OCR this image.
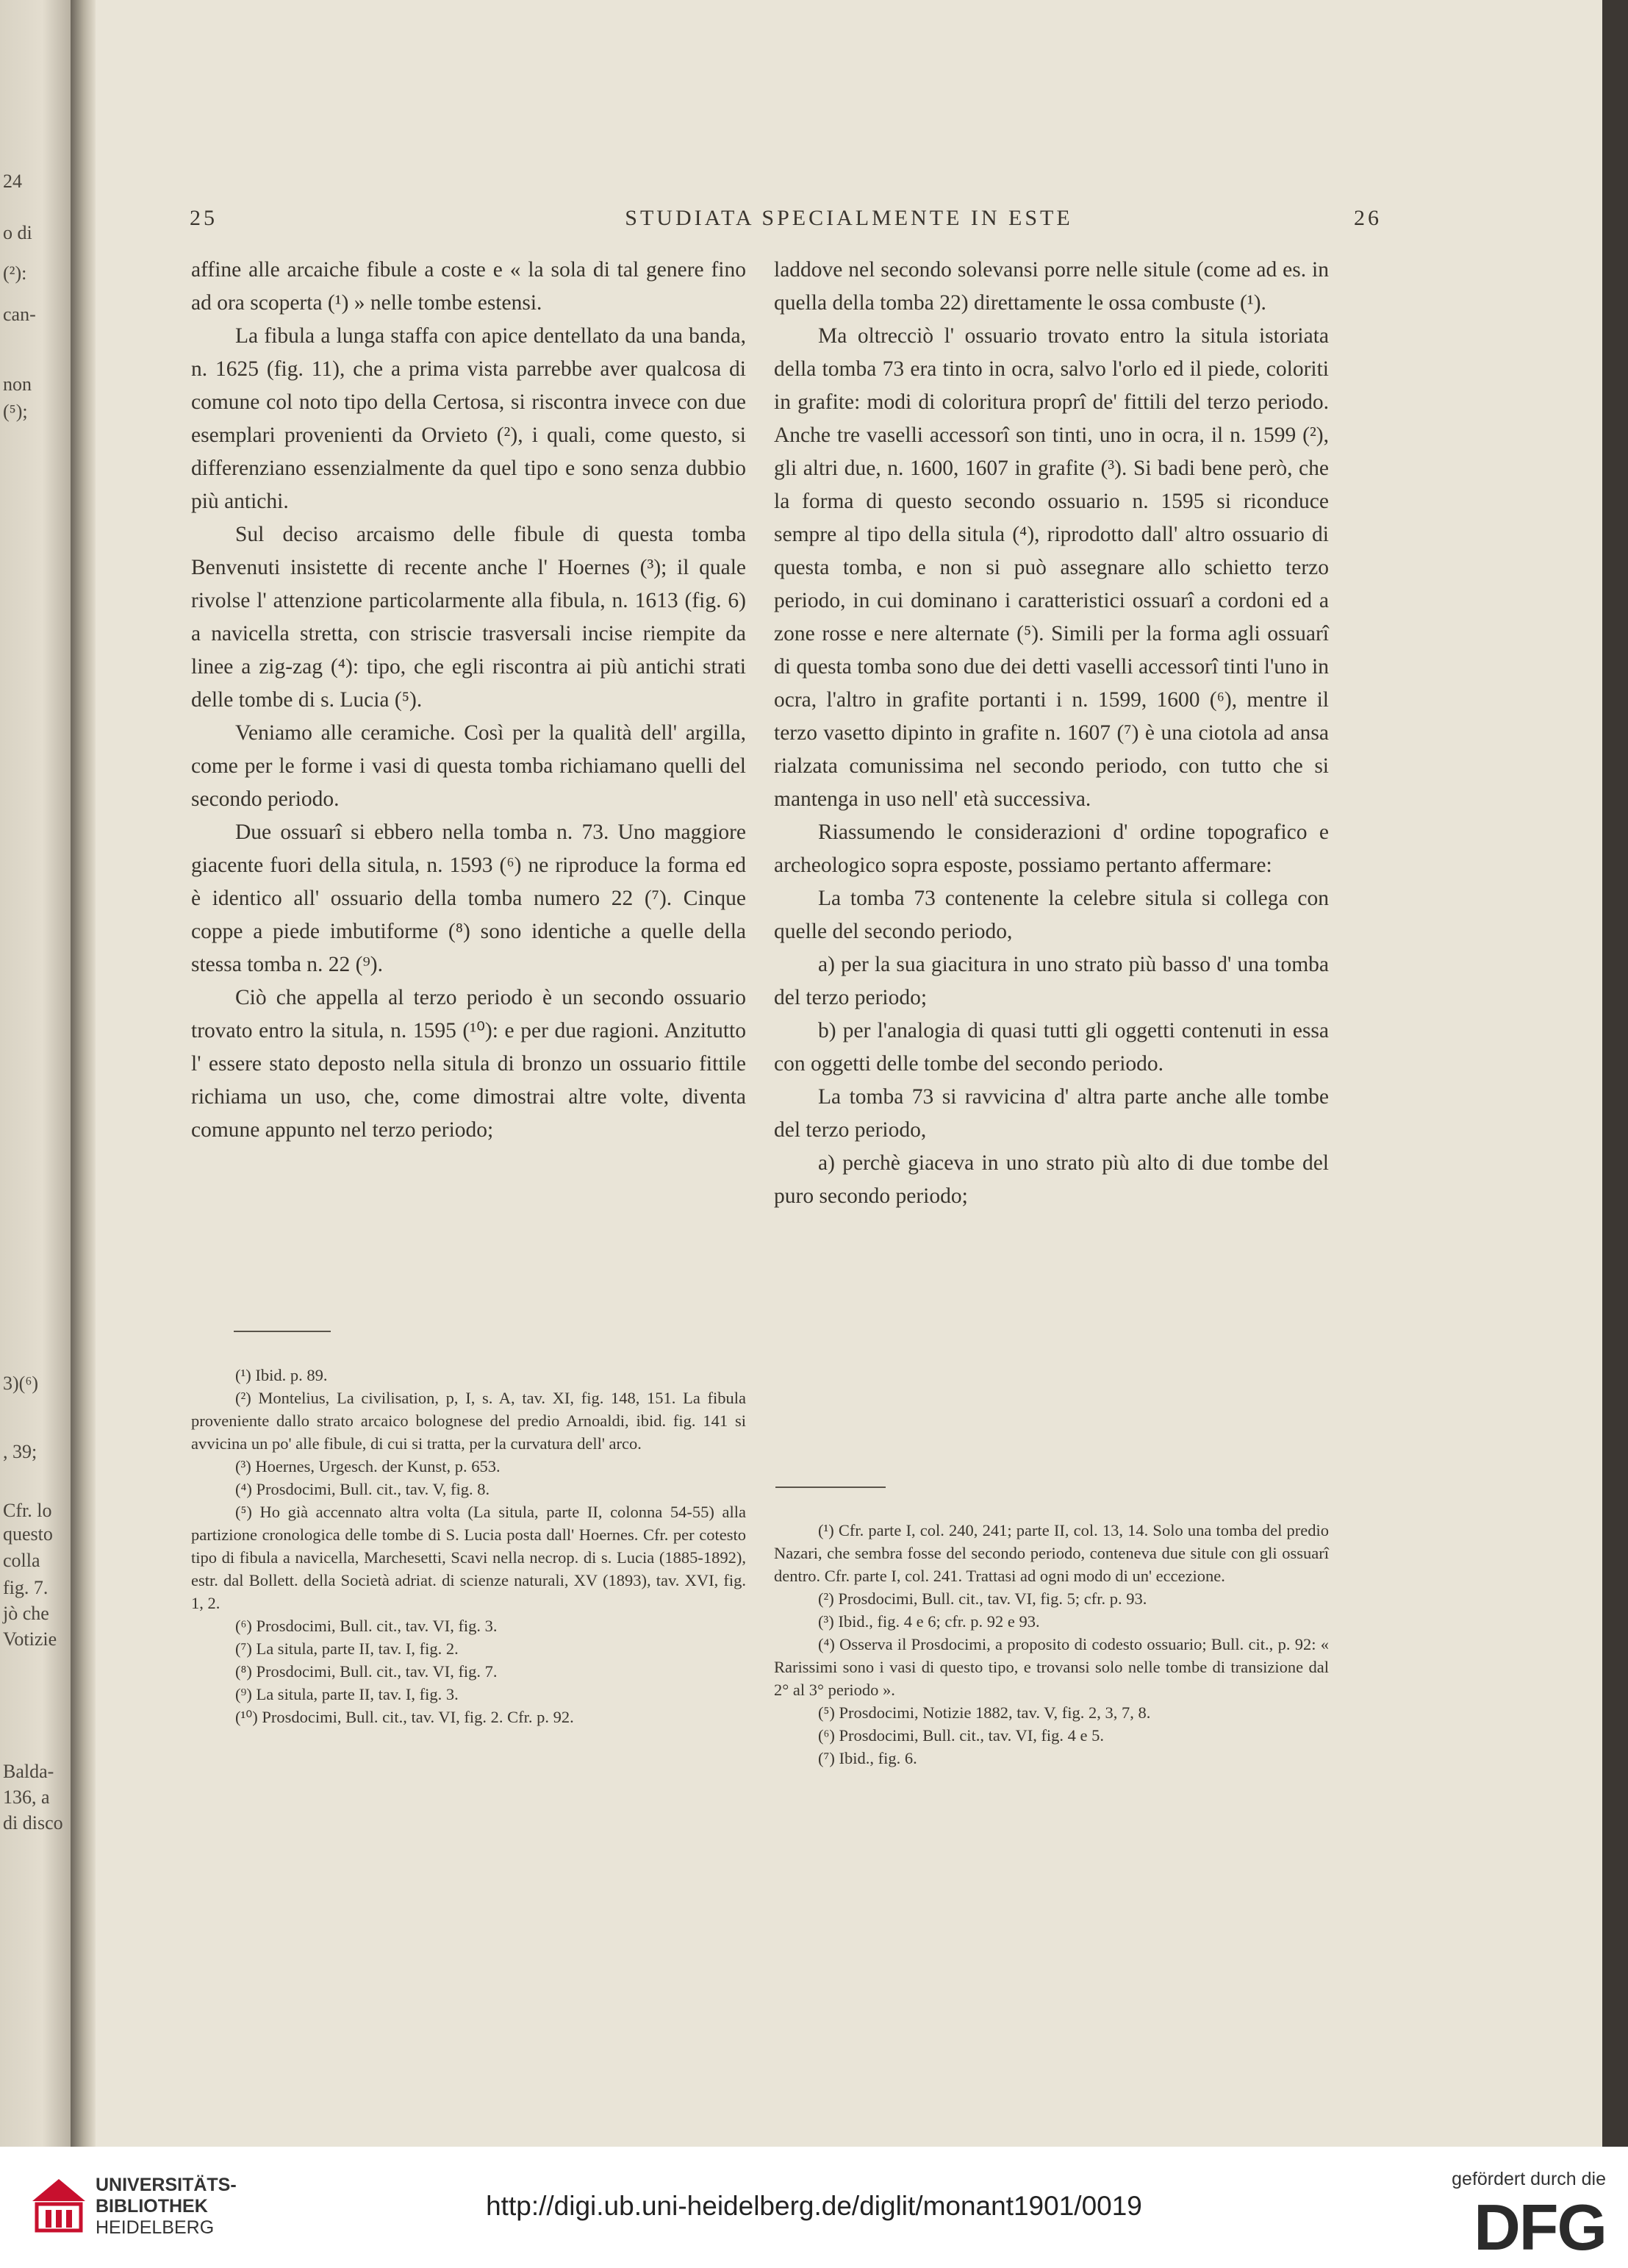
24
o di
(²):
can-
non
(⁵);
3)(⁶)
, 39;
Cfr. lo
questo
colla
fig. 7.
jò che
Votizie
Balda-
136, a
di disco
25	STUDIATA SPECIALMENTE IN ESTE	26

affine alle arcaiche fibule a coste e « la sola di tal genere fino ad ora scoperta (¹) » nelle tombe estensi.

La fibula a lunga staffa con apice dentellato da una banda, n. 1625 (fig. 11), che a prima vista parrebbe aver qualcosa di comune col noto tipo della Certosa, si riscontra invece con due esemplari provenienti da Orvieto (²), i quali, come questo, si differenziano essenzialmente da quel tipo e sono senza dubbio più antichi.

Sul deciso arcaismo delle fibule di questa tomba Benvenuti insistette di recente anche l' Hoernes (³); il quale rivolse l' attenzione particolarmente alla fibula, n. 1613 (fig. 6) a navicella stretta, con striscie trasversali incise riempite da linee a zig-zag (⁴): tipo, che egli riscontra ai più antichi strati delle tombe di s. Lucia (⁵).

Veniamo alle ceramiche. Così per la qualità dell' argilla, come per le forme i vasi di questa tomba richiamano quelli del secondo periodo.

Due ossuarî si ebbero nella tomba n. 73. Uno maggiore giacente fuori della situla, n. 1593 (⁶) ne riproduce la forma ed è identico all' ossuario della tomba numero 22 (⁷). Cinque coppe a piede imbutiforme (⁸) sono identiche a quelle della stessa tomba n. 22 (⁹).

Ciò che appella al terzo periodo è un secondo ossuario trovato entro la situla, n. 1595 (¹⁰): e per due ragioni. Anzitutto l' essere stato deposto nella situla di bronzo un ossuario fittile richiama un uso, che, come dimostrai altre volte, diventa comune appunto nel terzo periodo;

(¹) Ibid. p. 89.

(²) Montelius, La civilisation, p, I, s. A, tav. XI, fig. 148, 151. La fibula proveniente dallo strato arcaico bolognese del predio Arnoaldi, ibid. fig. 141 si avvicina un po' alle fibule, di cui si tratta, per la curvatura dell' arco.

(³) Hoernes, Urgesch. der Kunst, p. 653.

(⁴) Prosdocimi, Bull. cit., tav. V, fig. 8.

(⁵) Ho già accennato altra volta (La situla, parte II, colonna 54-55) alla partizione cronologica delle tombe di S. Lucia posta dall' Hoernes. Cfr. per cotesto tipo di fibula a navicella, Marchesetti, Scavi nella necrop. di s. Lucia (1885-1892), estr. dal Bollett. della Società adriat. di scienze naturali, XV (1893), tav. XVI, fig. 1, 2.

(⁶) Prosdocimi, Bull. cit., tav. VI, fig. 3.

(⁷) La situla, parte II, tav. I, fig. 2.

(⁸) Prosdocimi, Bull. cit., tav. VI, fig. 7.

(⁹) La situla, parte II, tav. I, fig. 3.

(¹⁰) Prosdocimi, Bull. cit., tav. VI, fig. 2. Cfr. p. 92.

laddove nel secondo solevansi porre nelle situle (come ad es. in quella della tomba 22) direttamente le ossa combuste (¹).

Ma oltrecciò l' ossuario trovato entro la situla istoriata della tomba 73 era tinto in ocra, salvo l'orlo ed il piede, coloriti in grafite: modi di coloritura proprî de' fittili del terzo periodo. Anche tre vaselli accessorî son tinti, uno in ocra, il n. 1599 (²), gli altri due, n. 1600, 1607 in grafite (³). Si badi bene però, che la forma di questo secondo ossuario n. 1595 si riconduce sempre al tipo della situla (⁴), riprodotto dall' altro ossuario di questa tomba, e non si può assegnare allo schietto terzo periodo, in cui dominano i caratteristici ossuarî a cordoni ed a zone rosse e nere alternate (⁵). Simili per la forma agli ossuarî di questa tomba sono due dei detti vaselli accessorî tinti l'uno in ocra, l'altro in grafite portanti i n. 1599, 1600 (⁶), mentre il terzo vasetto dipinto in grafite n. 1607 (⁷) è una ciotola ad ansa rialzata comunissima nel secondo periodo, con tutto che si mantenga in uso nell' età successiva.

Riassumendo le considerazioni d' ordine topografico e archeologico sopra esposte, possiamo pertanto affermare:

La tomba 73 contenente la celebre situla si collega con quelle del secondo periodo,

a) per la sua giacitura in uno strato più basso d' una tomba del terzo periodo;

b) per l'analogia di quasi tutti gli oggetti contenuti in essa con oggetti delle tombe del secondo periodo.

La tomba 73 si ravvicina d' altra parte anche alle tombe del terzo periodo,

a) perchè giaceva in uno strato più alto di due tombe del puro secondo periodo;

(¹) Cfr. parte I, col. 240, 241; parte II, col. 13, 14. Solo una tomba del predio Nazari, che sembra fosse del secondo periodo, conteneva due situle con gli ossuarî dentro. Cfr. parte I, col. 241. Trattasi ad ogni modo di un' eccezione.

(²) Prosdocimi, Bull. cit., tav. VI, fig. 5; cfr. p. 93.

(³) Ibid., fig. 4 e 6; cfr. p. 92 e 93.

(⁴) Osserva il Prosdocimi, a proposito di codesto ossuario; Bull. cit., p. 92: « Rarissimi sono i vasi di questo tipo, e trovansi solo nelle tombe di transizione dal 2° al 3° periodo ».

(⁵) Prosdocimi, Notizie 1882, tav. V, fig. 2, 3, 7, 8.

(⁶) Prosdocimi, Bull. cit., tav. VI, fig. 4 e 5.

(⁷) Ibid., fig. 6.

UNIVERSITÄTS-
BIBLIOTHEK
HEIDELBERG
http://digi.ub.uni-heidelberg.de/diglit/monant1901/0019
gefördert durch die
DFG
